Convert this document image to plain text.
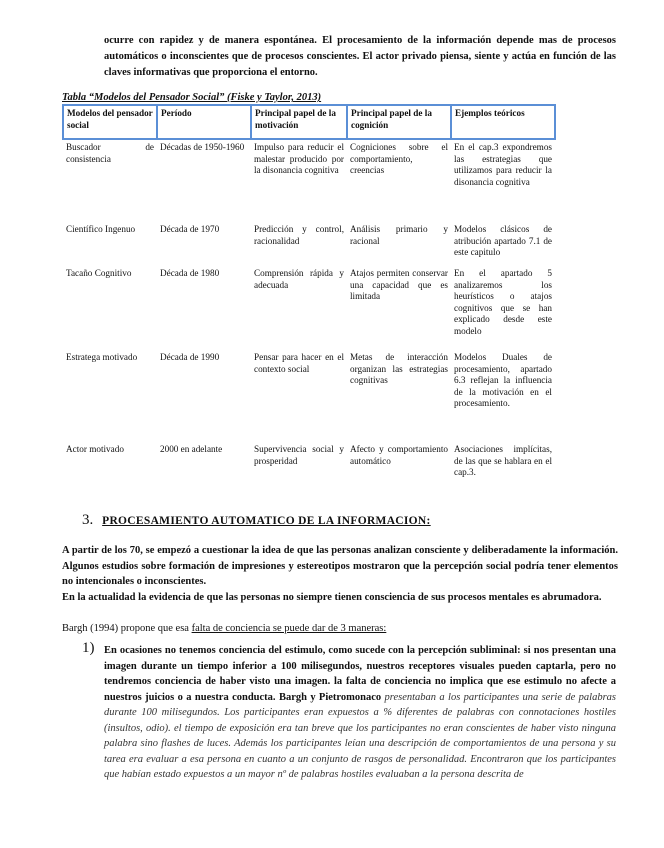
ocurre con rapidez y de manera espontánea. El procesamiento de la información depende mas de procesos automáticos o inconscientes que de procesos conscientes. El actor privado piensa, siente y actúa en función de las claves informativas que proporciona el entorno.
Tabla “Modelos del Pensador Social” (Fiske y Taylor, 2013)
Modelos del pensador social	Período	Principal papel de la motivación	Principal papel de la cognición	Ejemplos teóricos
Buscador de consistencia	Décadas de 1950-1960	Impulso para reducir el malestar producido por la disonancia cognitiva	Cogniciones sobre el comportamiento, creencias	En el cap.3 expondremos las estrategias que utilizamos para reducir la disonancia cognitiva
Científico Ingenuo	Década de 1970	Predicción y control, racionalidad	Análisis primario y racional	Modelos clásicos de atribución apartado 7.1 de este capitulo
Tacaño Cognitivo	Década de 1980	Comprensión rápida y adecuada	Atajos permiten conservar una capacidad que es limitada	En el apartado 5 analizaremos los heurísticos o atajos cognitivos que se han explicado desde este modelo
Estratega motivado	Década de 1990	Pensar para hacer en el contexto social	Metas de interacción organizan las estrategias cognitivas	Modelos Duales de procesamiento, apartado 6.3 reflejan la influencia de la motivación en el procesamiento.
Actor motivado	2000 en adelante	Supervivencia social y prosperidad	Afecto y comportamiento automático	Asociaciones implícitas, de las que se hablara en el cap.3.
3. PROCESAMIENTO AUTOMATICO DE LA INFORMACION:
A partir de los 70, se empezó a cuestionar la idea de que las personas analizan consciente y deliberadamente la información. Algunos estudios sobre formación de impresiones y estereotipos mostraron que la percepción social podría tener elementos no intencionales o inconscientes.
En la actualidad la evidencia de que las personas no siempre tienen consciencia de sus procesos mentales es abrumadora.
Bargh (1994) propone que esa falta de conciencia se puede dar de 3 maneras:
1) En ocasiones no tenemos conciencia del estimulo, como sucede con la percepción subliminal: si nos presentan una imagen durante un tiempo inferior a 100 milisegundos, nuestros receptores visuales pueden captarla, pero no tendremos conciencia de haber visto una imagen. la falta de conciencia no implica que ese estimulo no afecte a nuestros juicios o a nuestra conducta. Bargh y Pietromonaco presentaban a los participantes una serie de palabras durante 100 milisegundos. Los participantes eran expuestos a % diferentes de palabras con connotaciones hostiles (insultos, odio). el tiempo de exposición era tan breve que los participantes no eran conscientes de haber visto ninguna palabra sino flashes de luces. Además los participantes leían una descripción de comportamientos de una persona y su tarea era evaluar a esa persona en cuanto a un conjunto de rasgos de personalidad. Encontraron que los participantes que habían estado expuestos a un mayor nº de palabras hostiles evaluaban a la persona descrita de
